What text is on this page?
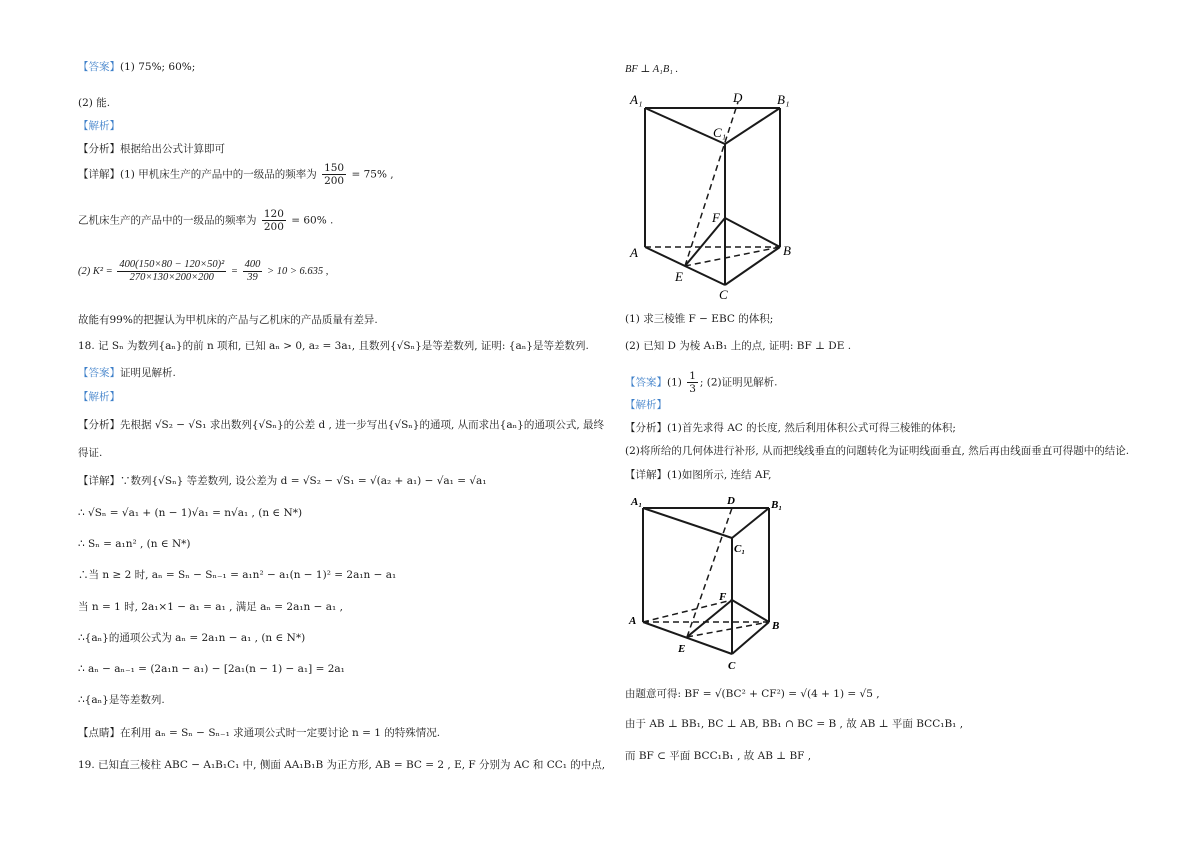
【答案】(1) 75%; 60%;
(2) 能.
【解析】
【分析】根据给出公式计算即可
【详解】(1) 甲机床生产的产品中的一级品的频率为 $\frac{150}{200} = 75\%$ ,
乙机床生产的产品中的一级品的频率为 $\frac{120}{200} = 60\%$ .
(2) $K^2 = \frac{\text{400(150×80 − 120×50)²}}{270\times 130\times 200\times 200} = \frac{400}{39} > 10 > 6.635$ ,
故能有99%的把握认为甲机床的产品与乙机床的产品质量有差异.
18. 记 Sₙ 为数列{aₙ}的前 n 项和, 已知 aₙ > 0, a₂ = 3a₁, 且数列{√Sₙ}是等差数列, 证明: {aₙ}是等差数列.
【答案】证明见解析.
【解析】
【分析】先根据 √S₂ − √S₁ 求出数列{√Sₙ}的公差 d , 进一步写出{√Sₙ}的通项, 从而求出{aₙ}的通项公式, 最终
得证.
【详解】∵数列{√Sₙ} 等差数列, 设公差为 d = √S₂ − √S₁ = √(a₂ + a₁) − √a₁ = √a₁
∴ √Sₙ = √a₁ + (n − 1)√a₁ = n√a₁ , (n ∈ N*)
∴ Sₙ = a₁n² , (n ∈ N*)
∴当 n ≥ 2 时, aₙ = Sₙ − Sₙ₋₁ = a₁n² − a₁(n − 1)² = 2a₁n − a₁
当 n = 1 时, 2a₁×1 − a₁ = a₁ , 满足 aₙ = 2a₁n − a₁ ,
∴{aₙ}的通项公式为 aₙ = 2a₁n − a₁ , (n ∈ N*)
∴ aₙ − aₙ₋₁ = (2a₁n − a₁) − [2a₁(n − 1) − a₁] = 2a₁
∴{aₙ}是等差数列.
【点睛】在利用 aₙ = Sₙ − Sₙ₋₁ 求通项公式时一定要讨论 n = 1 的特殊情况.
19. 已知直三棱柱 ABC − A₁B₁C₁ 中, 侧面 AA₁B₁B 为正方形, AB = BC = 2 , E, F 分别为 AC 和 CC₁ 的中点,
BF ⊥ A₁B₁ .
A₁	D	B₁
C₁
F
A
E
B
C
(1) 求三棱锥 F − EBC 的体积;
(2) 已知 D 为棱 A₁B₁ 上的点, 证明: BF ⊥ DE .
【答案】$(1) \frac{1}{3}$ ; (2)证明见解析.
【解析】
【分析】(1)首先求得 AC 的长度, 然后利用体积公式可得三棱锥的体积;
(2)将所给的几何体进行补形, 从而把线线垂直的问题转化为证明线面垂直, 然后再由线面垂直可得题中的结论.
【详解】(1)如图所示, 连结 AF,
A₁	D	B₁
C₁
F
A
E
B
C
由题意可得: BF = √(BC² + CF²) = √(4 + 1) = √5 ,
由于 AB ⊥ BB₁, BC ⊥ AB, BB₁ ∩ BC = B , 故 AB ⊥ 平面 BCC₁B₁ ,
而 BF ⊂ 平面 BCC₁B₁ , 故 AB ⊥ BF ,
